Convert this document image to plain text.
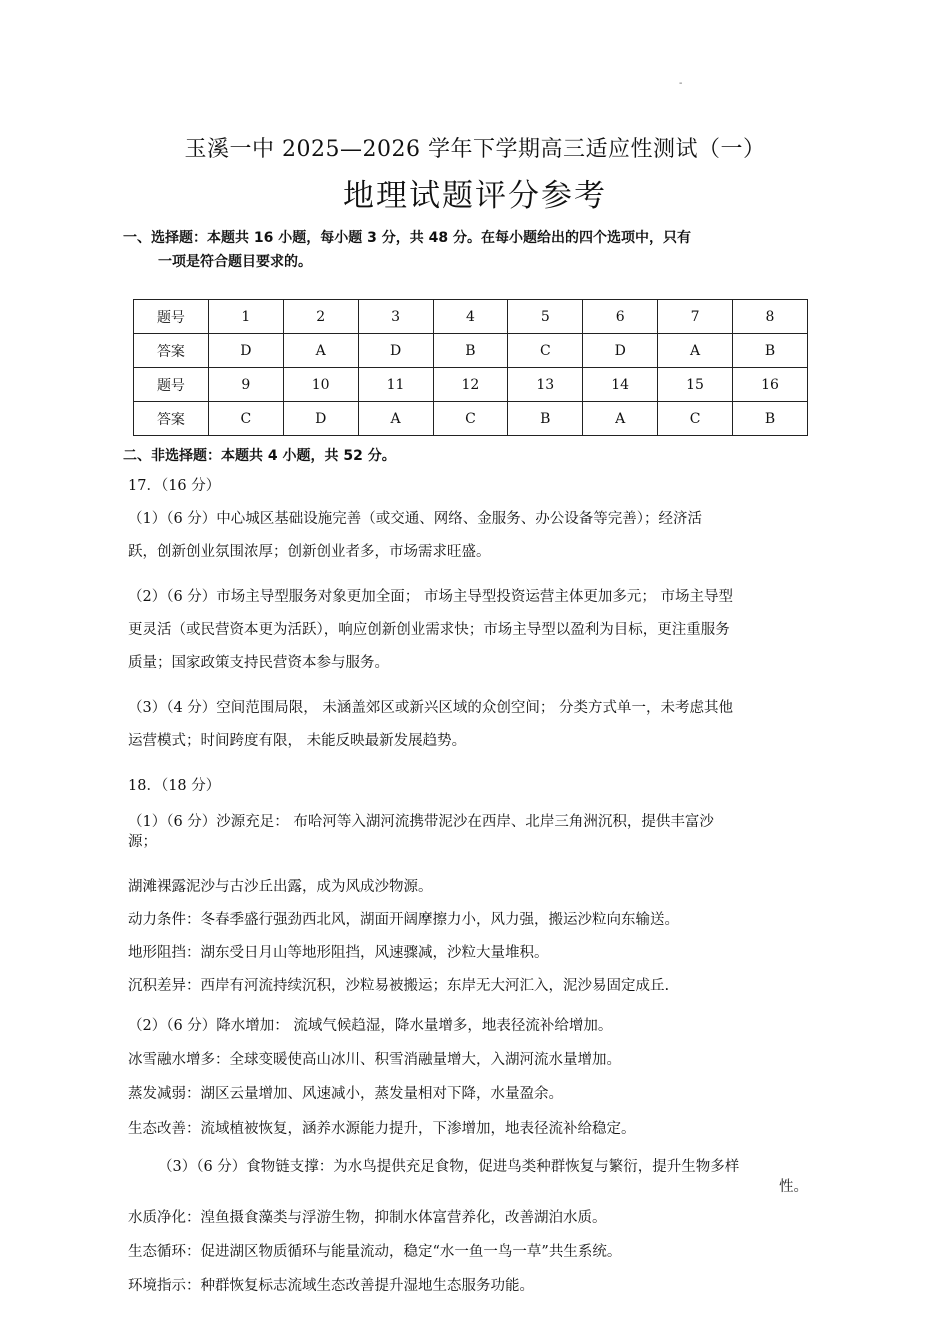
-
玉溪一中 2025—2026 学年下学期高三适应性测试（一）
地理试题评分参考
一、选择题：本题共 16 小题，每小题 3 分，共 48 分。在每小题给出的四个选项中，只有
一项是符合题目要求的。
题号	1	2	3	4	5	6	7	8
答案	D	A	D	B	C	D	A	B
题号	9	10	11	12	13	14	15	16
答案	C	D	A	C	B	A	C	B
二、非选择题：本题共 4 小题，共 52 分。
17．（16 分）
（1）（6 分）中心城区基础设施完善（或交通、网络、金服务、办公设备等完善）；经济活
跃，创新创业氛围浓厚；创新创业者多，市场需求旺盛。
（2）（6 分）市场主导型服务对象更加全面； 市场主导型投资运营主体更加多元； 市场主导型
更灵活（或民营资本更为活跃），响应创新创业需求快；市场主导型以盈利为目标，更注重服务
质量；国家政策支持民营资本参与服务。
（3）（4 分）空间范围局限， 未涵盖郊区或新兴区域的众创空间； 分类方式单一，未考虑其他
运营模式；时间跨度有限， 未能反映最新发展趋势。
18．（18 分）
（1）（6 分）沙源充足： 布哈河等入湖河流携带泥沙在西岸、北岸三角洲沉积，提供丰富沙
源；
湖滩裸露泥沙与古沙丘出露，成为风成沙物源。
动力条件：冬春季盛行强劲西北风，湖面开阔摩擦力小，风力强，搬运沙粒向东输送。
地形阻挡：湖东受日月山等地形阻挡，风速骤减，沙粒大量堆积。
沉积差异：西岸有河流持续沉积，沙粒易被搬运；东岸无大河汇入，泥沙易固定成丘.
（2）（6 分）降水增加： 流域气候趋湿，降水量增多，地表径流补给增加。
冰雪融水增多：全球变暖使高山冰川、积雪消融量增大，入湖河流水量增加。
蒸发减弱：湖区云量增加、风速减小，蒸发量相对下降，水量盈余。
生态改善：流域植被恢复，涵养水源能力提升，下渗增加，地表径流补给稳定。
（3）（6 分）食物链支撑：为水鸟提供充足食物，促进鸟类种群恢复与繁衍，提升生物多样
性。
水质净化：湟鱼摄食藻类与浮游生物，抑制水体富营养化，改善湖泊水质。
生态循环：促进湖区物质循环与能量流动，稳定“水一鱼一鸟一草”共生系统。
环境指示：种群恢复标志流域生态改善提升湿地生态服务功能。
